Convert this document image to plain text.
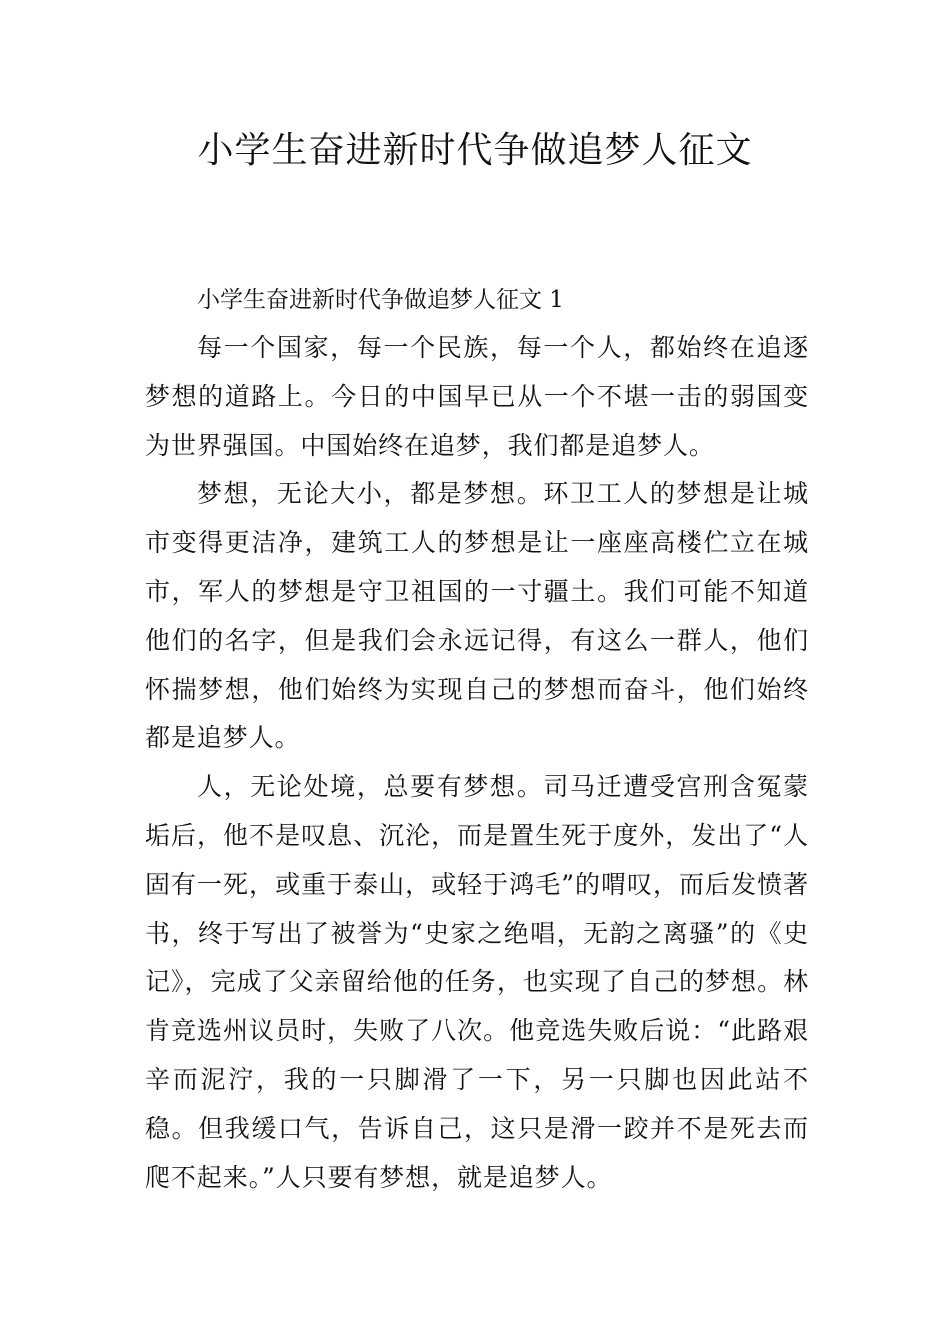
小学生奋进新时代争做追梦人征文

小学生奋进新时代争做追梦人征文 1

每一个国家，每一个民族，每一个人，都始终在追逐梦想的道路上。今日的中国早已从一个不堪一击的弱国变为世界强国。中国始终在追梦，我们都是追梦人。

梦想，无论大小，都是梦想。环卫工人的梦想是让城市变得更洁净，建筑工人的梦想是让一座座高楼伫立在城市，军人的梦想是守卫祖国的一寸疆土。我们可能不知道他们的名字，但是我们会永远记得，有这么一群人，他们怀揣梦想，他们始终为实现自己的梦想而奋斗，他们始终都是追梦人。

人，无论处境，总要有梦想。司马迁遭受宫刑含冤蒙垢后，他不是叹息、沉沦，而是置生死于度外，发出了“人固有一死，或重于泰山，或轻于鸿毛”的喟叹，而后发愤著书，终于写出了被誉为“史家之绝唱，无韵之离骚”的《史记》，完成了父亲留给他的任务，也实现了自己的梦想。林肯竞选州议员时，失败了八次。他竞选失败后说：“此路艰辛而泥泞，我的一只脚滑了一下，另一只脚也因此站不稳。但我缓口气，告诉自己，这只是滑一跤并不是死去而爬不起来。”人只要有梦想，就是追梦人。
